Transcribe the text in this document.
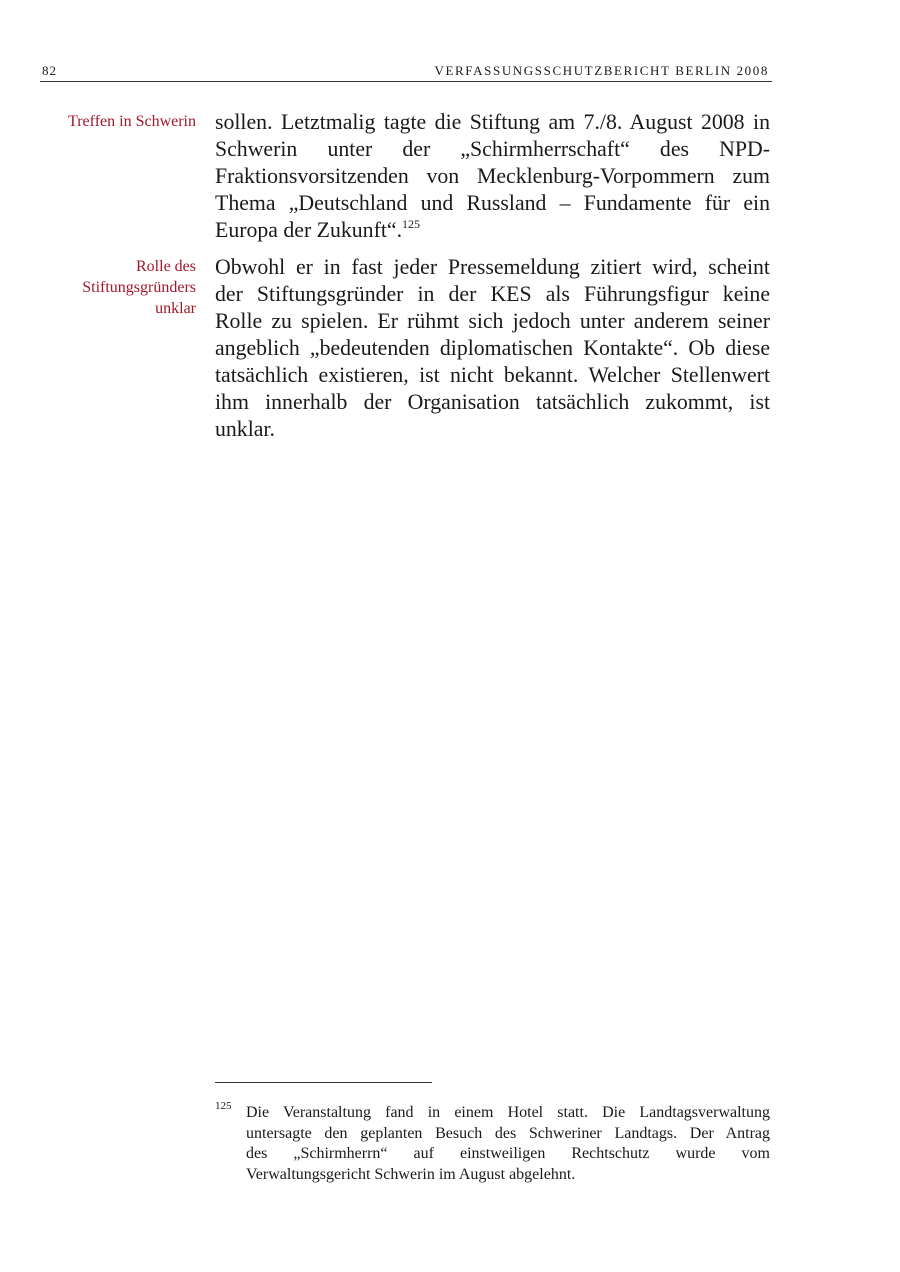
82	VERFASSUNGSSCHUTZBERICHT BERLIN 2008
Treffen in Schwerin sollen. Letztmalig tagte die Stiftung am 7./8. August 2008 in
Schwerin unter der „Schirmherrschaft“ des NPD-
Fraktionsvorsitzenden von Mecklenburg-Vorpommern zum
Thema „Deutschland und Russland – Fundamente für ein
Europa der Zukunft“.$^{125}$
Rolle des
Stiftungsgründers
unklar
Obwohl er in fast jeder Pressemeldung zitiert wird, scheint
der Stiftungsgründer in der KES als Führungsfigur keine
Rolle zu spielen. Er rühmt sich jedoch unter anderem seiner
angeblich „bedeutenden diplomatischen Kontakte“. Ob diese
tatsächlich existieren, ist nicht bekannt. Welcher Stellenwert
ihm innerhalb der Organisation tatsächlich zukommt, ist
unklar.
125 Die Veranstaltung fand in einem Hotel statt. Die Landtagsverwaltung
untersagte den geplanten Besuch des Schweriner Landtags. Der Antrag
des „Schirmherrn“ auf einstweiligen Rechtschutz wurde vom
Verwaltungsgericht Schwerin im August abgelehnt.
